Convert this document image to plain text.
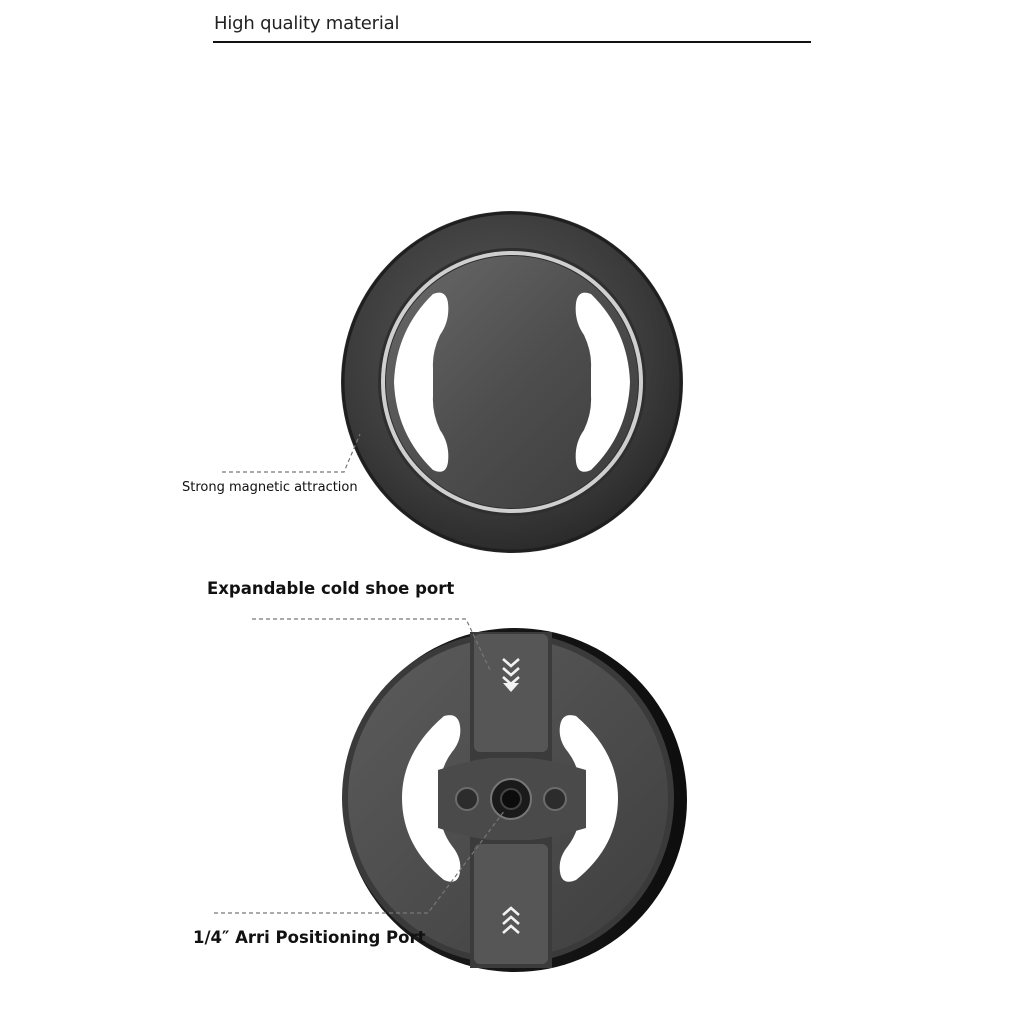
High quality material
Strong magnetic attraction
Expandable cold shoe port
1/4″ Arri Positioning Port
